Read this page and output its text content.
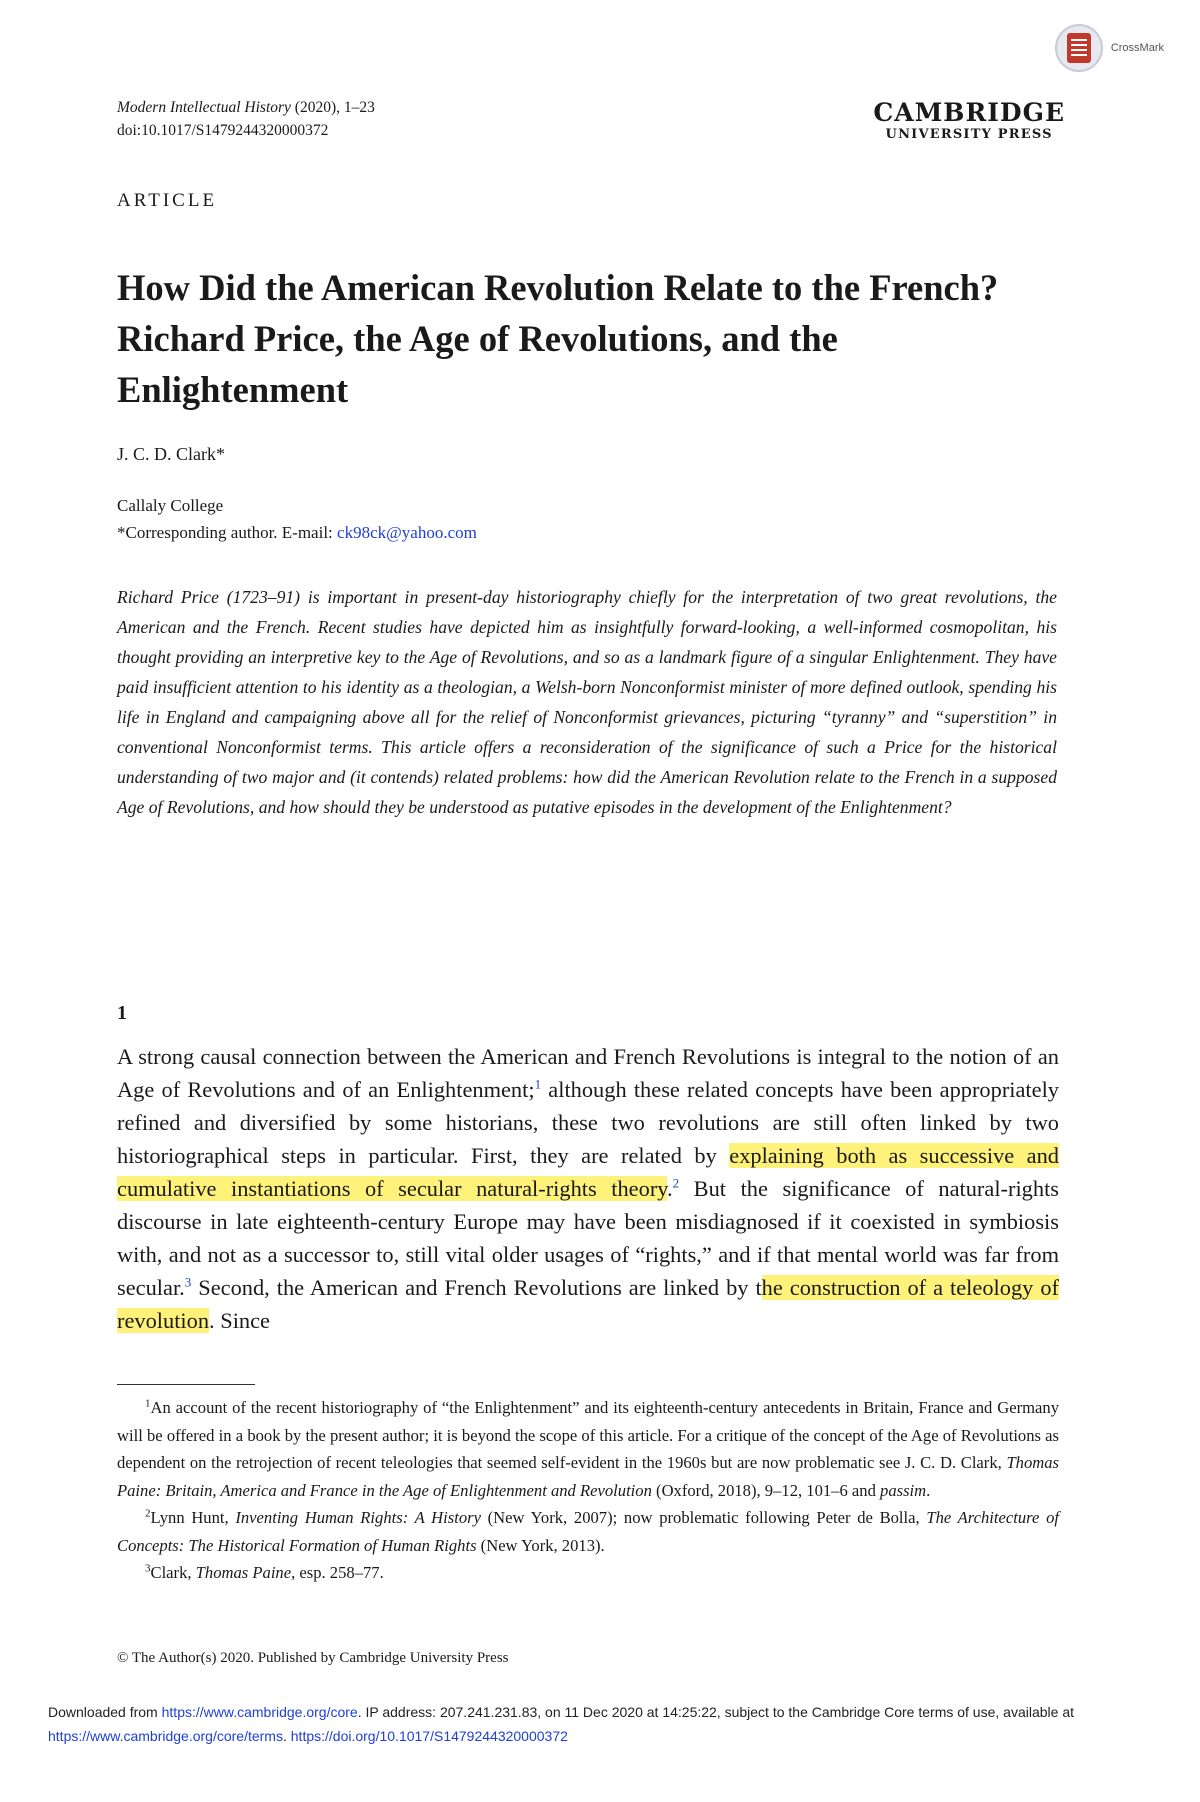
CrossMark
Modern Intellectual History (2020), 1–23
doi:10.1017/S1479244320000372
CAMBRIDGE
UNIVERSITY PRESS
ARTICLE
How Did the American Revolution Relate to the French? Richard Price, the Age of Revolutions, and the Enlightenment
J. C. D. Clark*
Callaly College
*Corresponding author. E-mail: ck98ck@yahoo.com
Richard Price (1723–91) is important in present-day historiography chiefly for the interpretation of two great revolutions, the American and the French. Recent studies have depicted him as insightfully forward-looking, a well-informed cosmopolitan, his thought providing an interpretive key to the Age of Revolutions, and so as a landmark figure of a singular Enlightenment. They have paid insufficient attention to his identity as a theologian, a Welsh-born Nonconformist minister of more defined outlook, spending his life in England and campaigning above all for the relief of Nonconformist grievances, picturing “tyranny” and “superstition” in conventional Nonconformist terms. This article offers a reconsideration of the significance of such a Price for the historical understanding of two major and (it contends) related problems: how did the American Revolution relate to the French in a supposed Age of Revolutions, and how should they be understood as putative episodes in the development of the Enlightenment?
1
A strong causal connection between the American and French Revolutions is integral to the notion of an Age of Revolutions and of an Enlightenment;$^1$ although these related concepts have been appropriately refined and diversified by some historians, these two revolutions are still often linked by two historiographical steps in particular. First, they are related by explaining both as successive and cumulative instantiations of secular natural-rights theory.$^2$ But the significance of natural-rights discourse in late eighteenth-century Europe may have been misdiagnosed if it coexisted in symbiosis with, and not as a successor to, still vital older usages of “rights,” and if that mental world was far from secular.$^3$ Second, the American and French Revolutions are linked by the construction of a teleology of revolution. Since

$^1$An account of the recent historiography of “the Enlightenment” and its eighteenth-century antecedents in Britain, France and Germany will be offered in a book by the present author; it is beyond the scope of this article. For a critique of the concept of the Age of Revolutions as dependent on the retrojection of recent teleologies that seemed self-evident in the 1960s but are now problematic see J. C. D. Clark, Thomas Paine: Britain, America and France in the Age of Enlightenment and Revolution (Oxford, 2018), 9–12, 101–6 and passim.

$^2$Lynn Hunt, Inventing Human Rights: A History (New York, 2007); now problematic following Peter de Bolla, The Architecture of Concepts: The Historical Formation of Human Rights (New York, 2013).

$^3$Clark, Thomas Paine, esp. 258–77.

© The Author(s) 2020. Published by Cambridge University Press
Downloaded from https://www.cambridge.org/core. IP address: 207.241.231.83, on 11 Dec 2020 at 14:25:22, subject to the Cambridge Core terms of use, available at https://www.cambridge.org/core/terms. https://doi.org/10.1017/S1479244320000372
